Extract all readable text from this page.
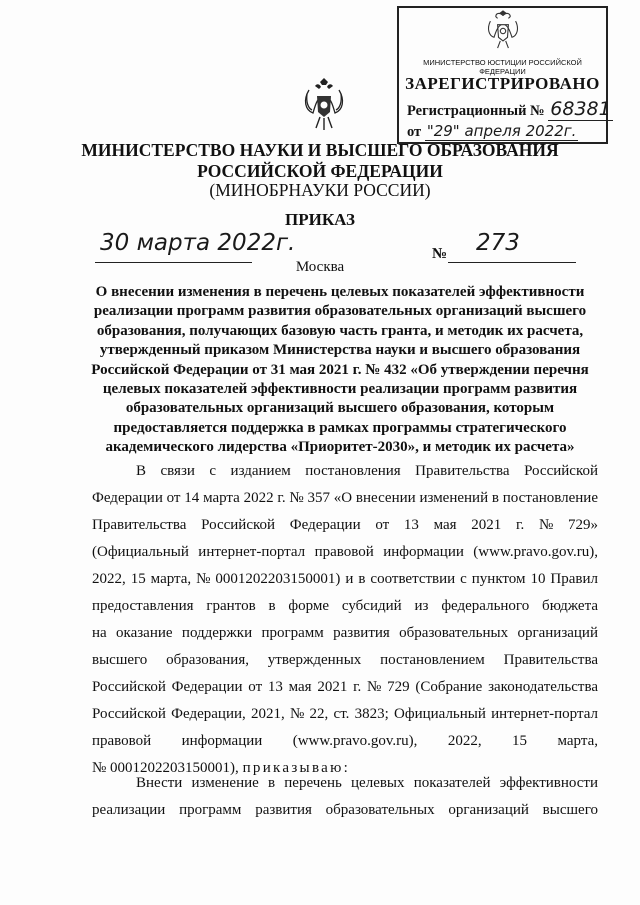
МИНИСТЕРСТВО ЮСТИЦИИ РОССИЙСКОЙ ФЕДЕРАЦИИ
ЗАРЕГИСТРИРОВАНО
Регистрационный № 68381
от "29" апреля 2022г.
МИНИСТЕРСТВО НАУКИ И ВЫСШЕГО ОБРАЗОВАНИЯ
РОССИЙСКОЙ ФЕДЕРАЦИИ
(МИНОБРНАУКИ РОССИИ)
ПРИКАЗ
30 марта 2022г.	№ 273
Москва
О внесении изменения в перечень целевых показателей эффективности
реализации программ развития образовательных организаций высшего
образования, получающих базовую часть гранта, и методик их расчета,
утвержденный приказом Министерства науки и высшего образования
Российской Федерации от 31 мая 2021 г. № 432 «Об утверждении перечня
целевых показателей эффективности реализации программ развития
образовательных организаций высшего образования, которым
предоставляется поддержка в рамках программы стратегического
академического лидерства «Приоритет-2030», и методик их расчета»
В связи с изданием постановления Правительства Российской
Федерации от 14 марта 2022 г. № 357 «О внесении изменений в постановление
Правительства Российской Федерации от 13 мая 2021 г. № 729»
(Официальный интернет-портал правовой информации (www.pravo.gov.ru),
2022, 15 марта, № 0001202203150001) и в соответствии с пунктом 10 Правил
предоставления грантов в форме субсидий из федерального бюджета
на оказание поддержки программ развития образовательных организаций
высшего образования, утвержденных постановлением Правительства
Российской Федерации от 13 мая 2021 г. № 729 (Собрание законодательства
Российской Федерации, 2021, № 22, ст. 3823; Официальный интернет-портал
правовой информации (www.pravo.gov.ru), 2022, 15 марта,
№ 0001202203150001), приказываю:
Внести изменение в перечень целевых показателей эффективности
реализации программ развития образовательных организаций высшего
